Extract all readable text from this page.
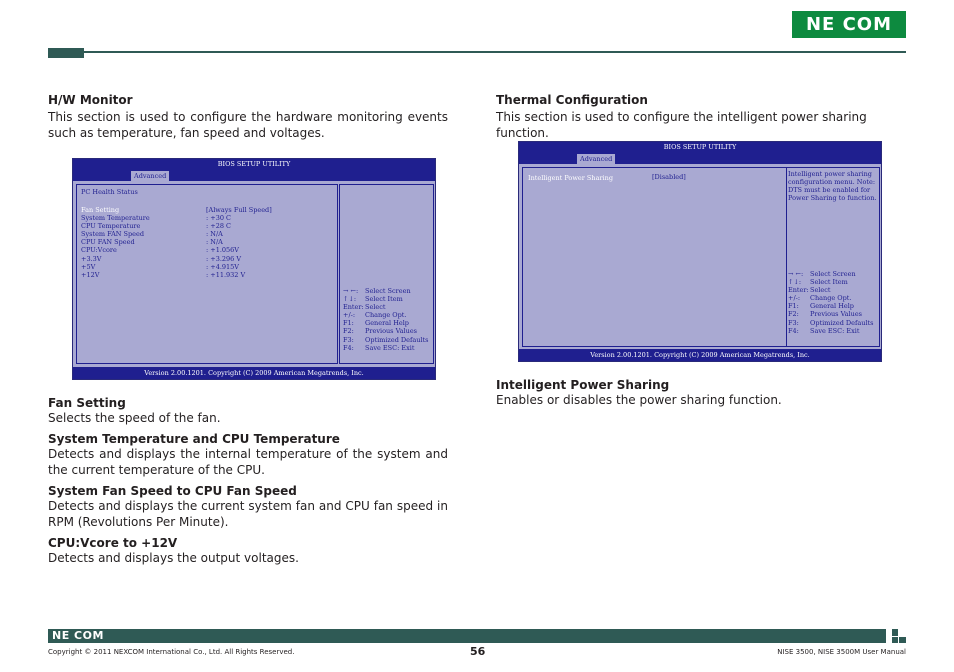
NE COM
H/W Monitor
This section is used to configure the hardware monitoring events such as temperature, fan speed and voltages.
BIOS SETUP UTILITY
Advanced
PC Health Status
Fan Setting	[Always Full Speed]
System Temperature	: +30 C
CPU Temperature	: +28 C
System FAN Speed	: N/A
CPU FAN Speed	: N/A
CPU:Vcore	: +1.056V
+3.3V	: +3.296 V
+5V	: +4.915V
+12V	: +11.932 V
→ ←:	Select Screen
↑↓:	Select Item
Enter: Select
+/-:	Change Opt.
F1:	General Help
F2:	Previous Values
F3:	Optimized Defaults
F4:	Save ESC: Exit
Version 2.00.1201. Copyright (C) 2009 American Megatrends, Inc.
Fan Setting
Selects the speed of the fan.
System Temperature and CPU Temperature
Detects and displays the internal temperature of the system and the current temperature of the CPU.
System Fan Speed to CPU Fan Speed
Detects and displays the current system fan and CPU fan speed in RPM (Revolutions Per Minute).
CPU:Vcore to +12V
Detects and displays the output voltages.
Thermal Configuration
This section is used to configure the intelligent power sharing function.
BIOS SETUP UTILITY
Advanced
Intelligent Power Sharing	[Disabled]	Intelligent power sharing
configuration menu. Note:
DTS must be enabled for
Power Sharing to function.
→ ←:	Select Screen
↑↓:	Select Item
Enter: Select
+/-:	Change Opt.
F1:	General Help
F2:	Previous Values
F3:	Optimized Defaults
F4:	Save ESC: Exit
Version 2.00.1201. Copyright (C) 2009 American Megatrends, Inc.
Intelligent Power Sharing
Enables or disables the power sharing function.
NE COM
Copyright © 2011 NEXCOM International Co., Ltd. All Rights Reserved.	56	NISE 3500, NISE 3500M User Manual
